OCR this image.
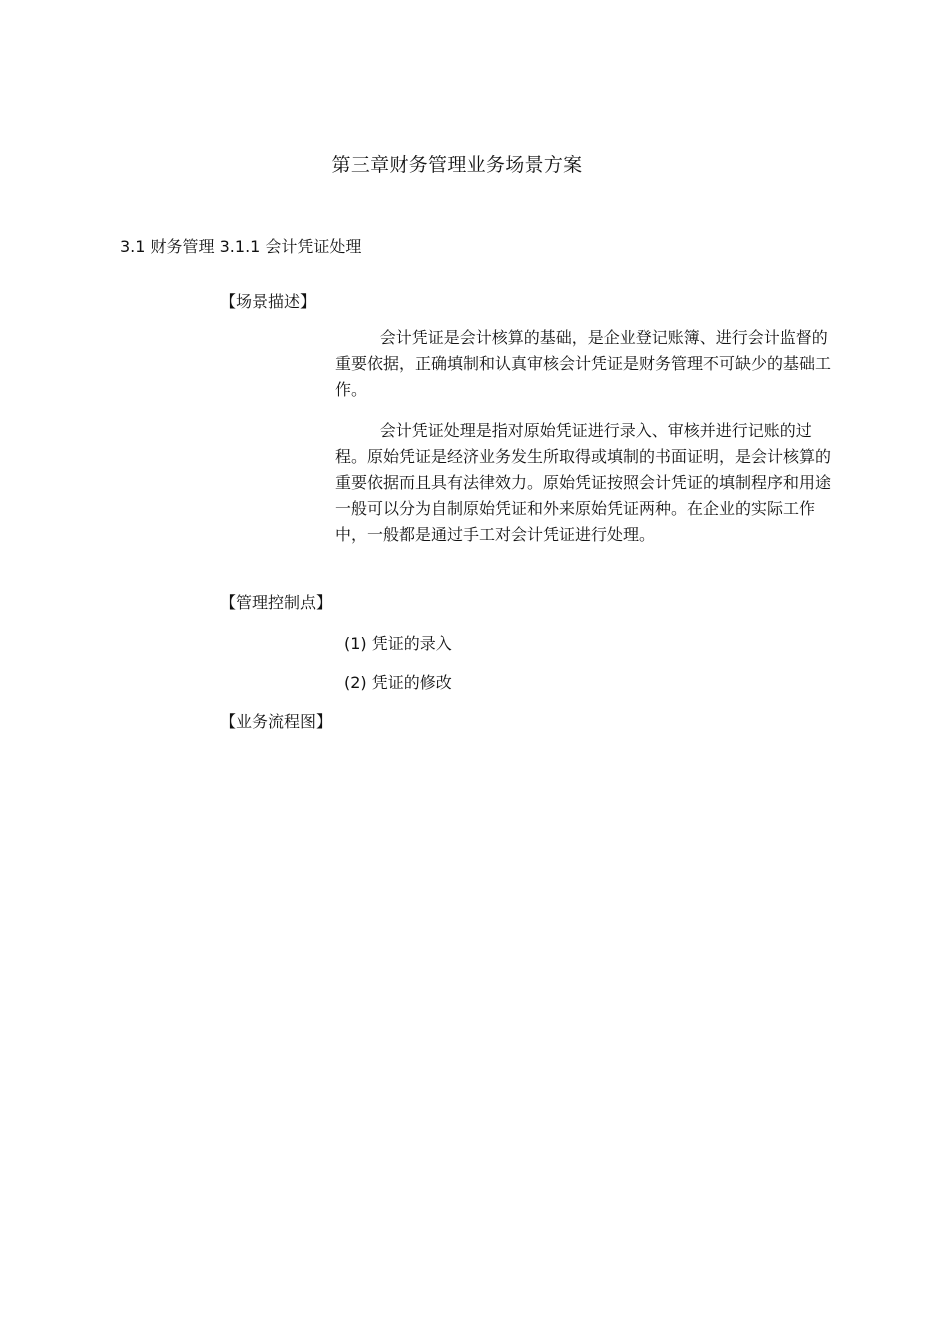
第三章财务管理业务场景方案
3.1 财务管理 3.1.1 会计凭证处理
【场景描述】

会计凭证是会计核算的基础，是企业登记账簿、进行会计监督的重要依据，正确填制和认真审核会计凭证是财务管理不可缺少的基础工作。

会计凭证处理是指对原始凭证进行录入、审核并进行记账的过程。原始凭证是经济业务发生所取得或填制的书面证明，是会计核算的重要依据而且具有法律效力。原始凭证按照会计凭证的填制程序和用途一般可以分为自制原始凭证和外来原始凭证两种。在企业的实际工作中，一般都是通过手工对会计凭证进行处理。

【管理控制点】
(1) 凭证的录入
(2) 凭证的修改
【业务流程图】
